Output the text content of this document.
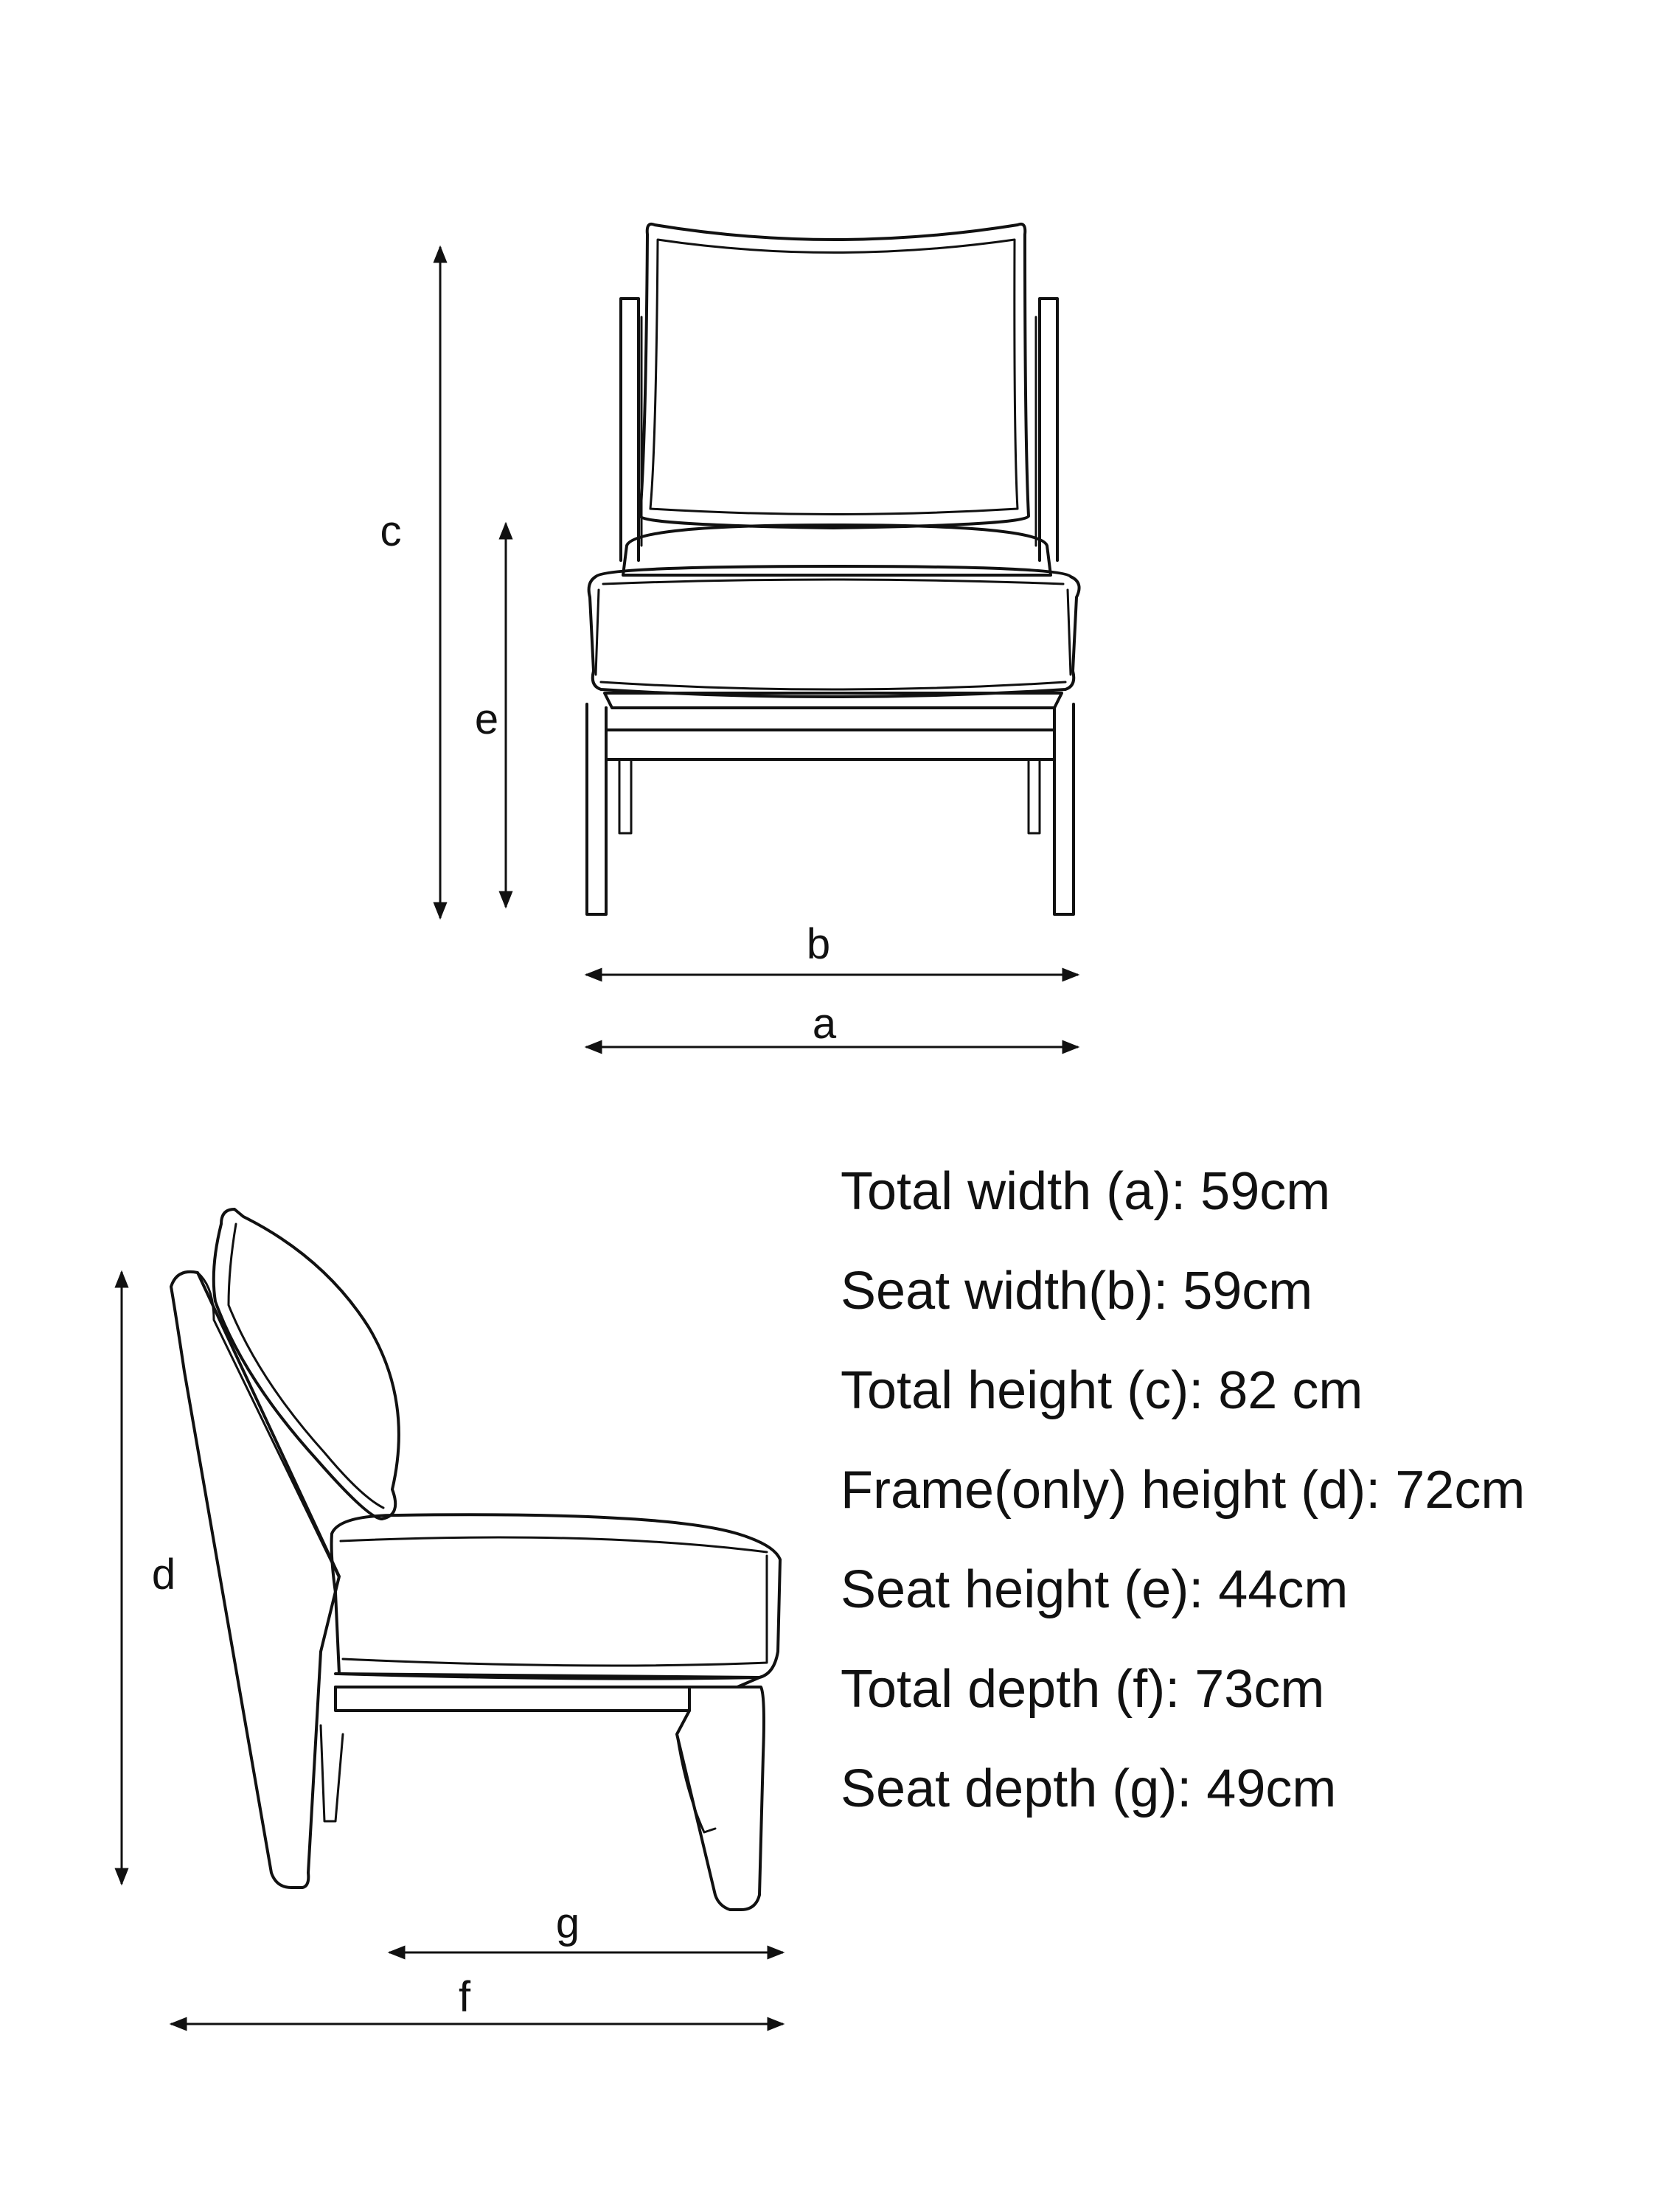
c
e
b
a
d
g
f
Total width (a): 59cm
Seat width(b): 59cm
Total height (c): 82 cm
Frame(only) height (d): 72cm
Seat height (e): 44cm
Total depth (f): 73cm
Seat depth (g): 49cm
